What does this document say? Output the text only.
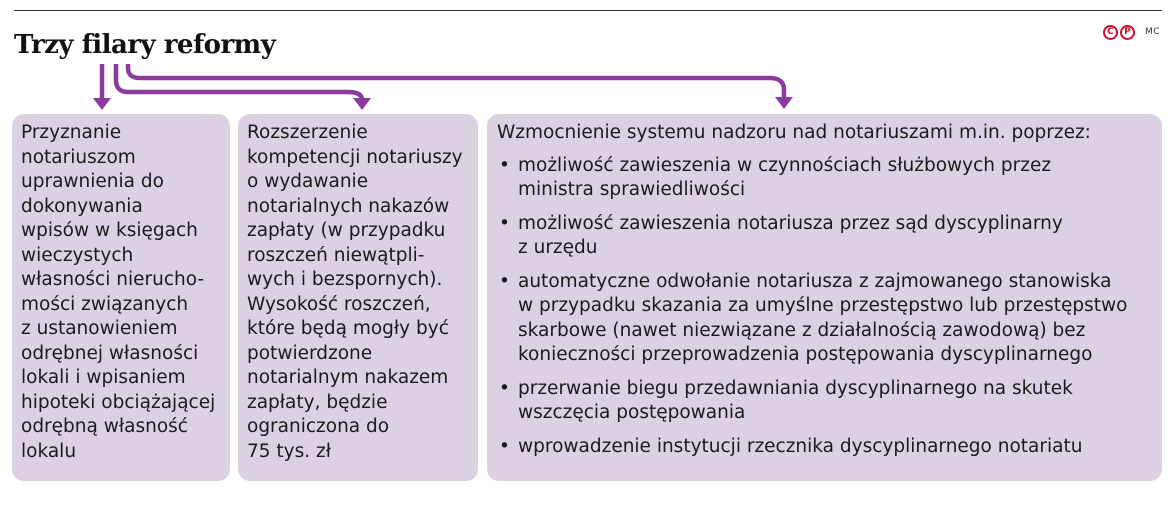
Trzy filary reformy	C	P	MC
Przyznanie
notariuszom
uprawnienia do
dokonywania
wpisów w księgach
wieczystych
własności nierucho-
mości związanych
z ustanowieniem
odrębnej własności
lokali i wpisaniem
hipoteki obciążającej
odrębną własność
lokalu
Rozszerzenie
kompetencji notariuszy
o wydawanie
notarialnych nakazów
zapłaty (w przypadku
roszczeń niewątpli-
wych i bezspornych).
Wysokość roszczeń,
które będą mogły być
potwierdzone
notarialnym nakazem
zapłaty, będzie
ograniczona do
75 tys. zł
Wzmocnienie systemu nadzoru nad notariuszami m.in. poprzez:
• możliwość zawieszenia w czynnościach służbowych przez
ministra sprawiedliwości
• możliwość zawieszenia notariusza przez sąd dyscyplinarny
z urzędu
• automatyczne odwołanie notariusza z zajmowanego stanowiska
w przypadku skazania za umyślne przestępstwo lub przestępstwo
skarbowe (nawet niezwiązane z działalnością zawodową) bez
konieczności przeprowadzenia postępowania dyscyplinarnego
• przerwanie biegu przedawniania dyscyplinarnego na skutek
wszczęcia postępowania
• wprowadzenie instytucji rzecznika dyscyplinarnego notariatu
